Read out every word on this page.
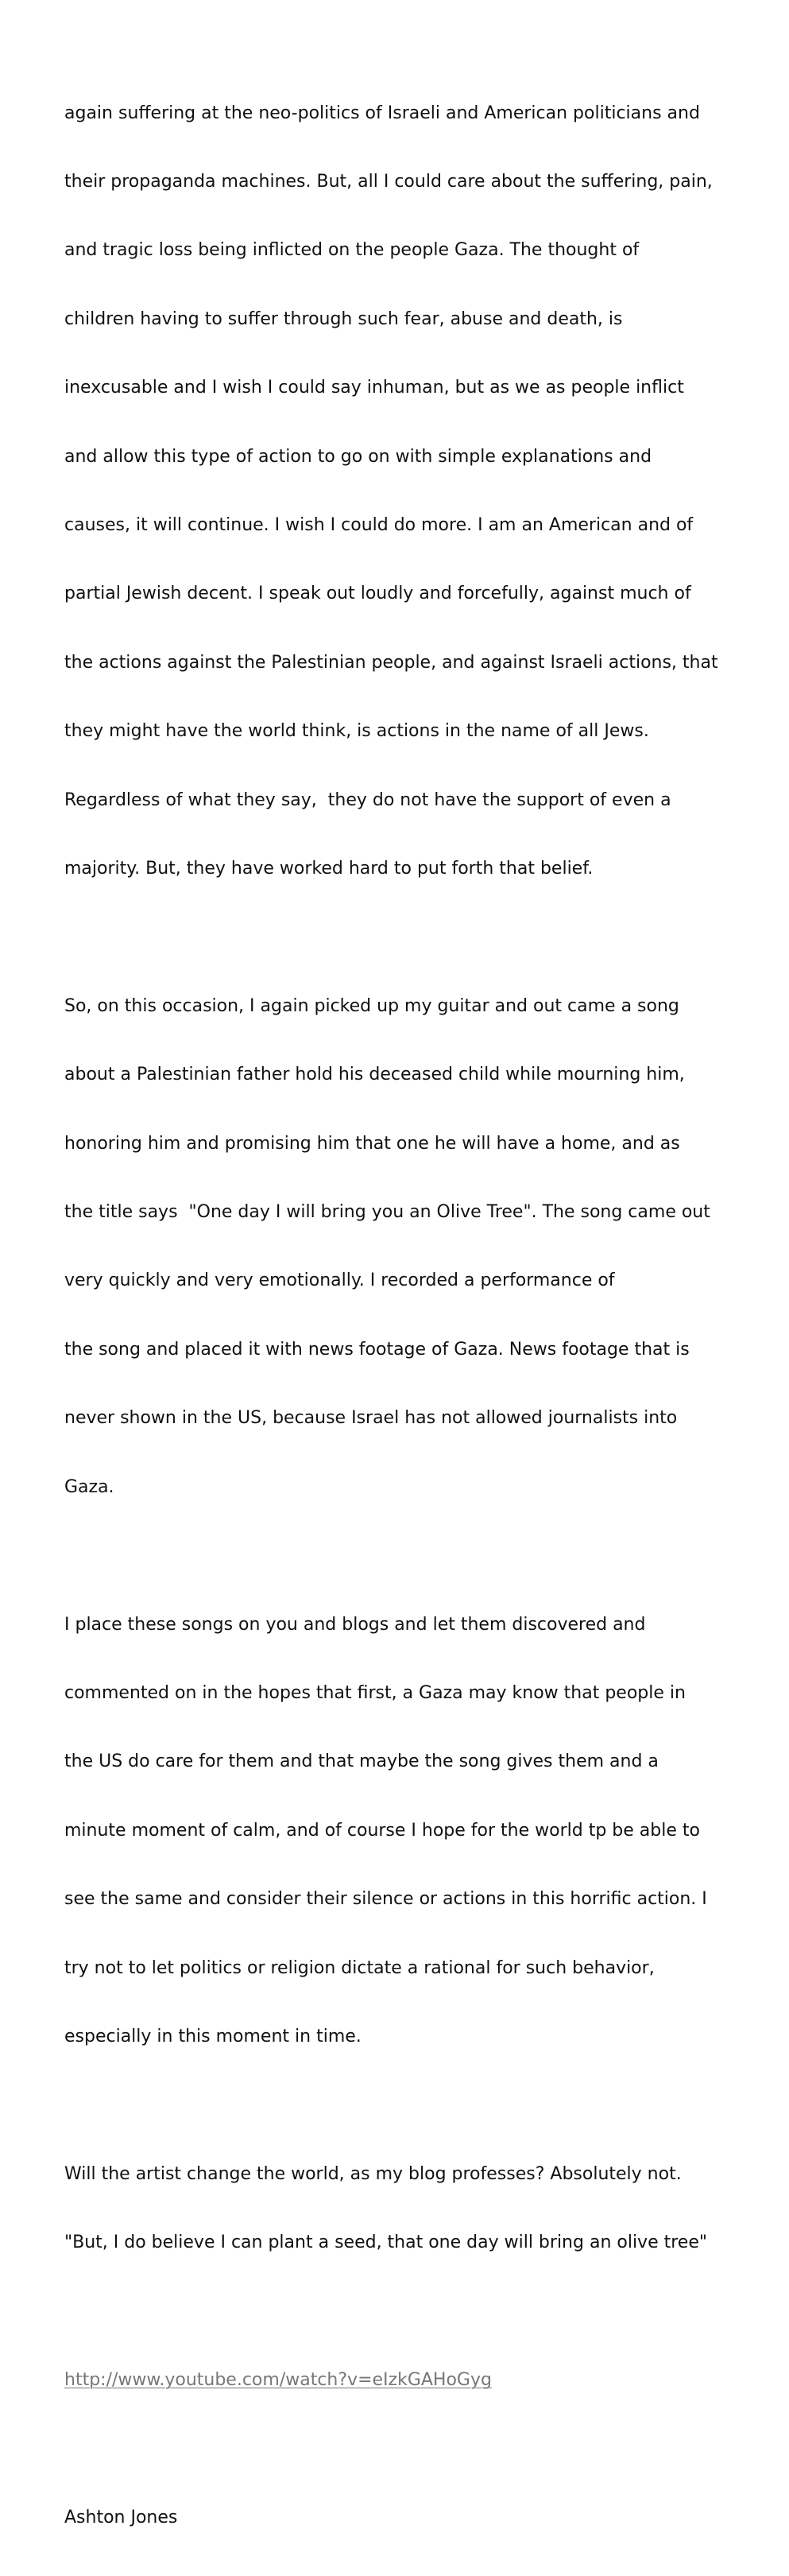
again suffering at the neo-politics of Israeli and American politicians and

their propaganda machines. But, all I could care about the suffering, pain,

and tragic loss being inflicted on the people Gaza. The thought of

children having to suffer through such fear, abuse and death, is

inexcusable and I wish I could say inhuman, but as we as people inflict

and allow this type of action to go on with simple explanations and

causes, it will continue. I wish I could do more. I am an American and of

partial Jewish decent. I speak out loudly and forcefully, against much of

the actions against the Palestinian people, and against Israeli actions, that

they might have the world think, is actions in the name of all Jews.

Regardless of what they say,  they do not have the support of even a

majority. But, they have worked hard to put forth that belief.

So, on this occasion, I again picked up my guitar and out came a song

about a Palestinian father hold his deceased child while mourning him,

honoring him and promising him that one he will have a home, and as

the title says  "One day I will bring you an Olive Tree". The song came out

very quickly and very emotionally. I recorded a performance of

the song and placed it with news footage of Gaza. News footage that is

never shown in the US, because Israel has not allowed journalists into

Gaza.

I place these songs on you and blogs and let them discovered and

commented on in the hopes that first, a Gaza may know that people in

the US do care for them and that maybe the song gives them and a

minute moment of calm, and of course I hope for the world tp be able to

see the same and consider their silence or actions in this horrific action. I

try not to let politics or religion dictate a rational for such behavior,

especially in this moment in time.

Will the artist change the world, as my blog professes? Absolutely not.

"But, I do believe I can plant a seed, that one day will bring an olive tree"

http://www.youtube.com/watch?v=eIzkGAHoGyg

Ashton Jones
